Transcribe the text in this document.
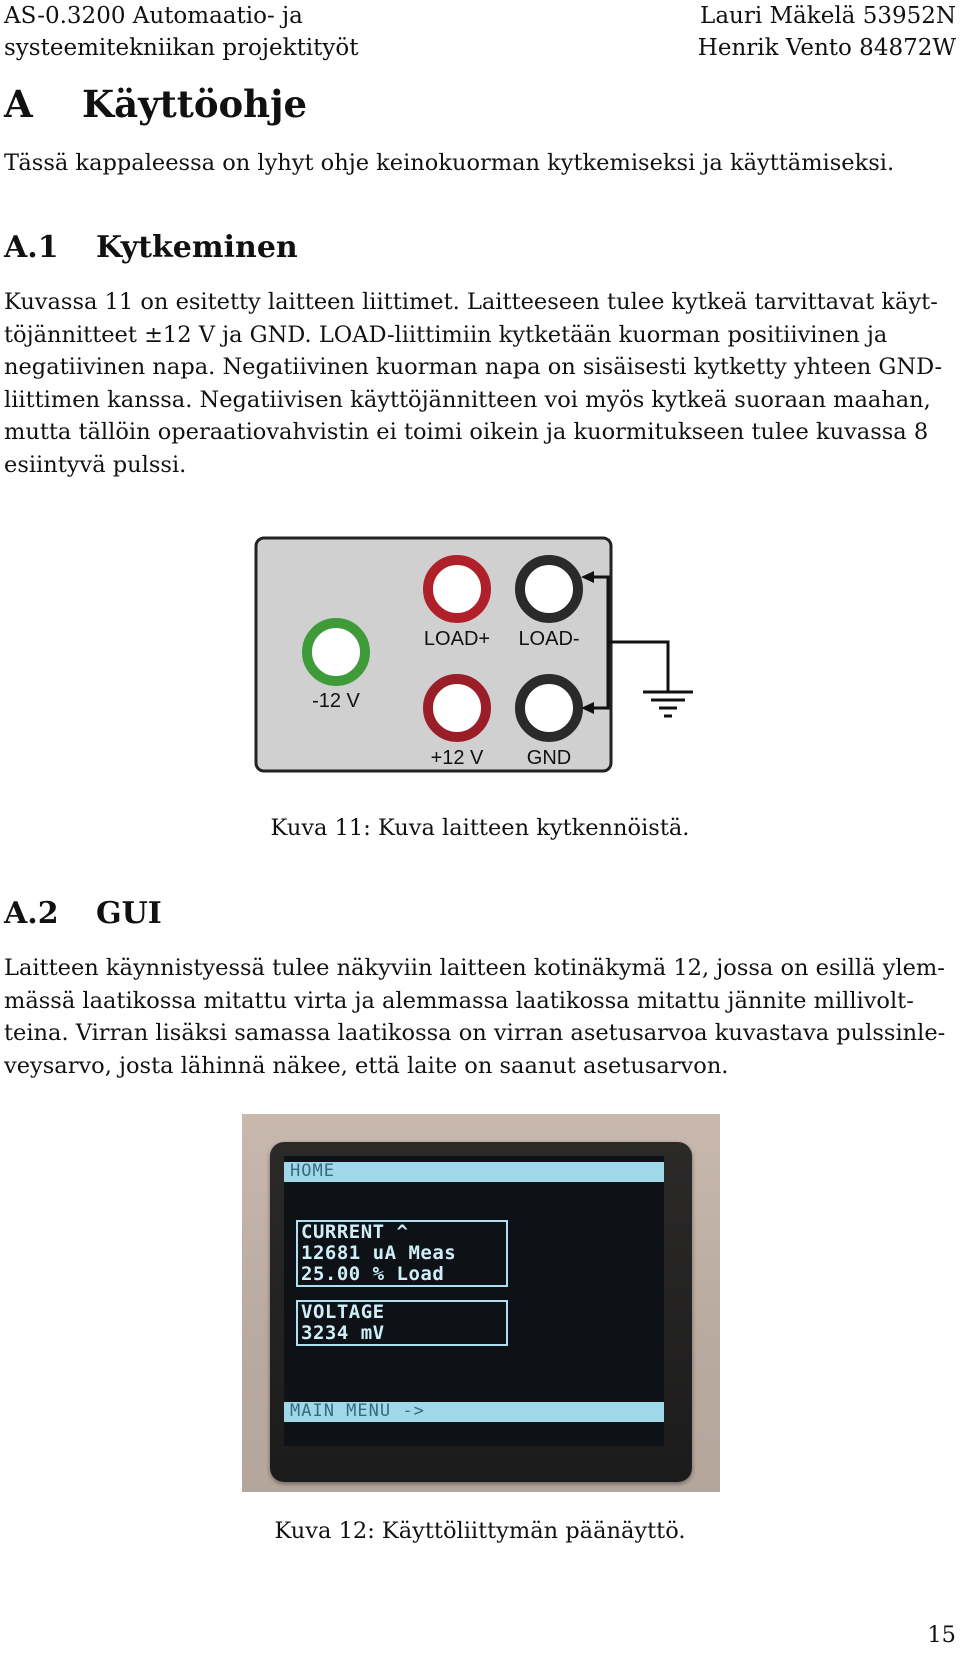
AS-0.3200 Automaatio- ja
systeemitekniikan projektityöt
Lauri Mäkelä 53952N
Henrik Vento 84872W
A Käyttöohje
Tässä kappaleessa on lyhyt ohje keinokuorman kytkemiseksi ja käyttämiseksi.
A.1 Kytkeminen
Kuvassa 11 on esitetty laitteen liittimet. Laitteeseen tulee kytkeä tarvittavat käyt-
töjännitteet ±12 V ja GND. LOAD-liittimiin kytketään kuorman positiivinen ja
negatiivinen napa. Negatiivinen kuorman napa on sisäisesti kytketty yhteen GND-
liittimen kanssa. Negatiivisen käyttöjännitteen voi myös kytkeä suoraan maahan,
mutta tällöin operaatiovahvistin ei toimi oikein ja kuormitukseen tulee kuvassa 8
esiintyvä pulssi.
LOAD+ LOAD-
-12 V
+12 V GND
Kuva 11: Kuva laitteen kytkennöistä.
A.2 GUI
Laitteen käynnistyessä tulee näkyviin laitteen kotinäkymä 12, jossa on esillä ylem-
mässä laatikossa mitattu virta ja alemmassa laatikossa mitattu jännite millivolt-
teina. Virran lisäksi samassa laatikossa on virran asetusarvoa kuvastava pulssinle-
veysarvo, josta lähinnä näkee, että laite on saanut asetusarvon.
HOME
CURRENT ^
12681 uA Meas
25.00 % Load
VOLTAGE
3234 mV
MAIN MENU ->
Kuva 12: Käyttöliittymän päänäyttö.
15
